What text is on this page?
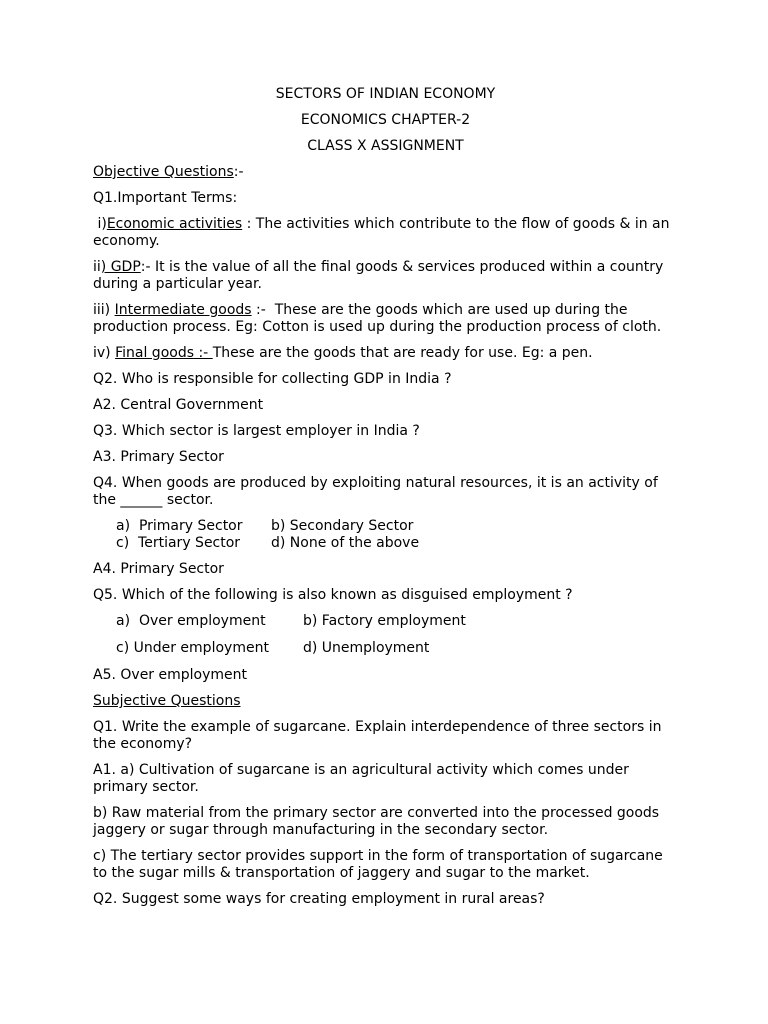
SECTORS OF INDIAN ECONOMY

ECONOMICS CHAPTER-2

CLASS X ASSIGNMENT

Objective Questions:-

Q1.Important Terms:

i)Economic activities : The activities which contribute to the flow of goods & in an economy.

ii) GDP:- It is the value of all the final goods & services produced within a country during a particular year.

iii) Intermediate goods :-  These are the goods which are used up during the production process. Eg: Cotton is used up during the production process of cloth.

iv) Final goods :- These are the goods that are ready for use. Eg: a pen.

Q2. Who is responsible for collecting GDP in India ?

A2. Central Government

Q3. Which sector is largest employer in India ?

A3. Primary Sector

Q4. When goods are produced by exploiting natural resources, it is an activity of the ______ sector.

a)  Primary Sector	b) Secondary Sector
c)  Tertiary Sector	d) None of the above

A4. Primary Sector

Q5. Which of the following is also known as disguised employment ?

a)  Over employment	b) Factory employment
c) Under employment	d) Unemployment

A5. Over employment

Subjective Questions

Q1. Write the example of sugarcane. Explain interdependence of three sectors in the economy?

A1. a) Cultivation of sugarcane is an agricultural activity which comes under primary sector.

b) Raw material from the primary sector are converted into the processed goods jaggery or sugar through manufacturing in the secondary sector.

c) The tertiary sector provides support in the form of transportation of sugarcane to the sugar mills & transportation of jaggery and sugar to the market.

Q2. Suggest some ways for creating employment in rural areas?
